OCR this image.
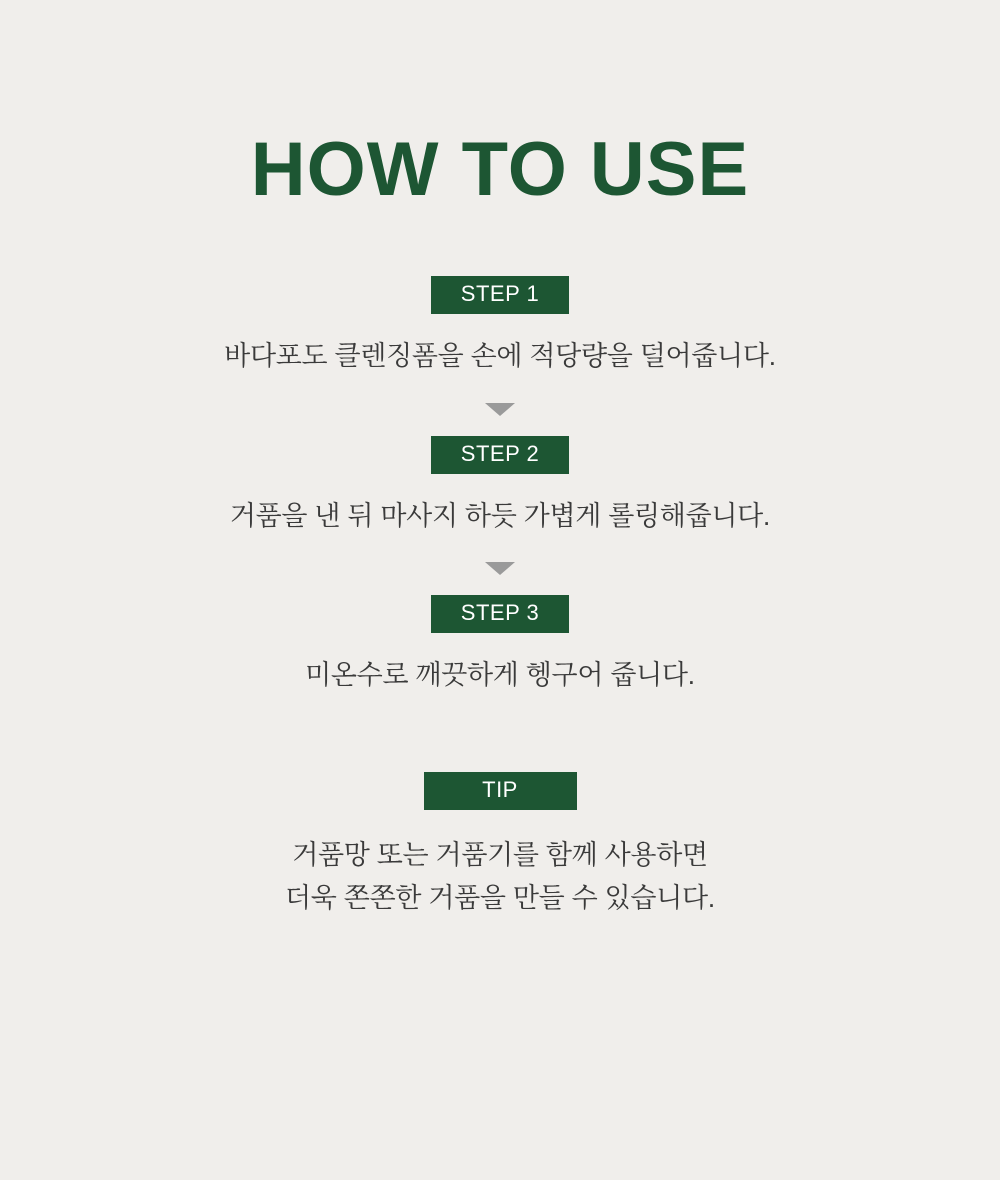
HOW TO USE
STEP 1
바다포도 클렌징폼을 손에 적당량을 덜어줍니다.
STEP 2
거품을 낸 뒤 마사지 하듯 가볍게 롤링해줍니다.
STEP 3
미온수로 깨끗하게 헹구어 줍니다.
TIP
거품망 또는 거품기를 함께 사용하면
더욱 쫀쫀한 거품을 만들 수 있습니다.
